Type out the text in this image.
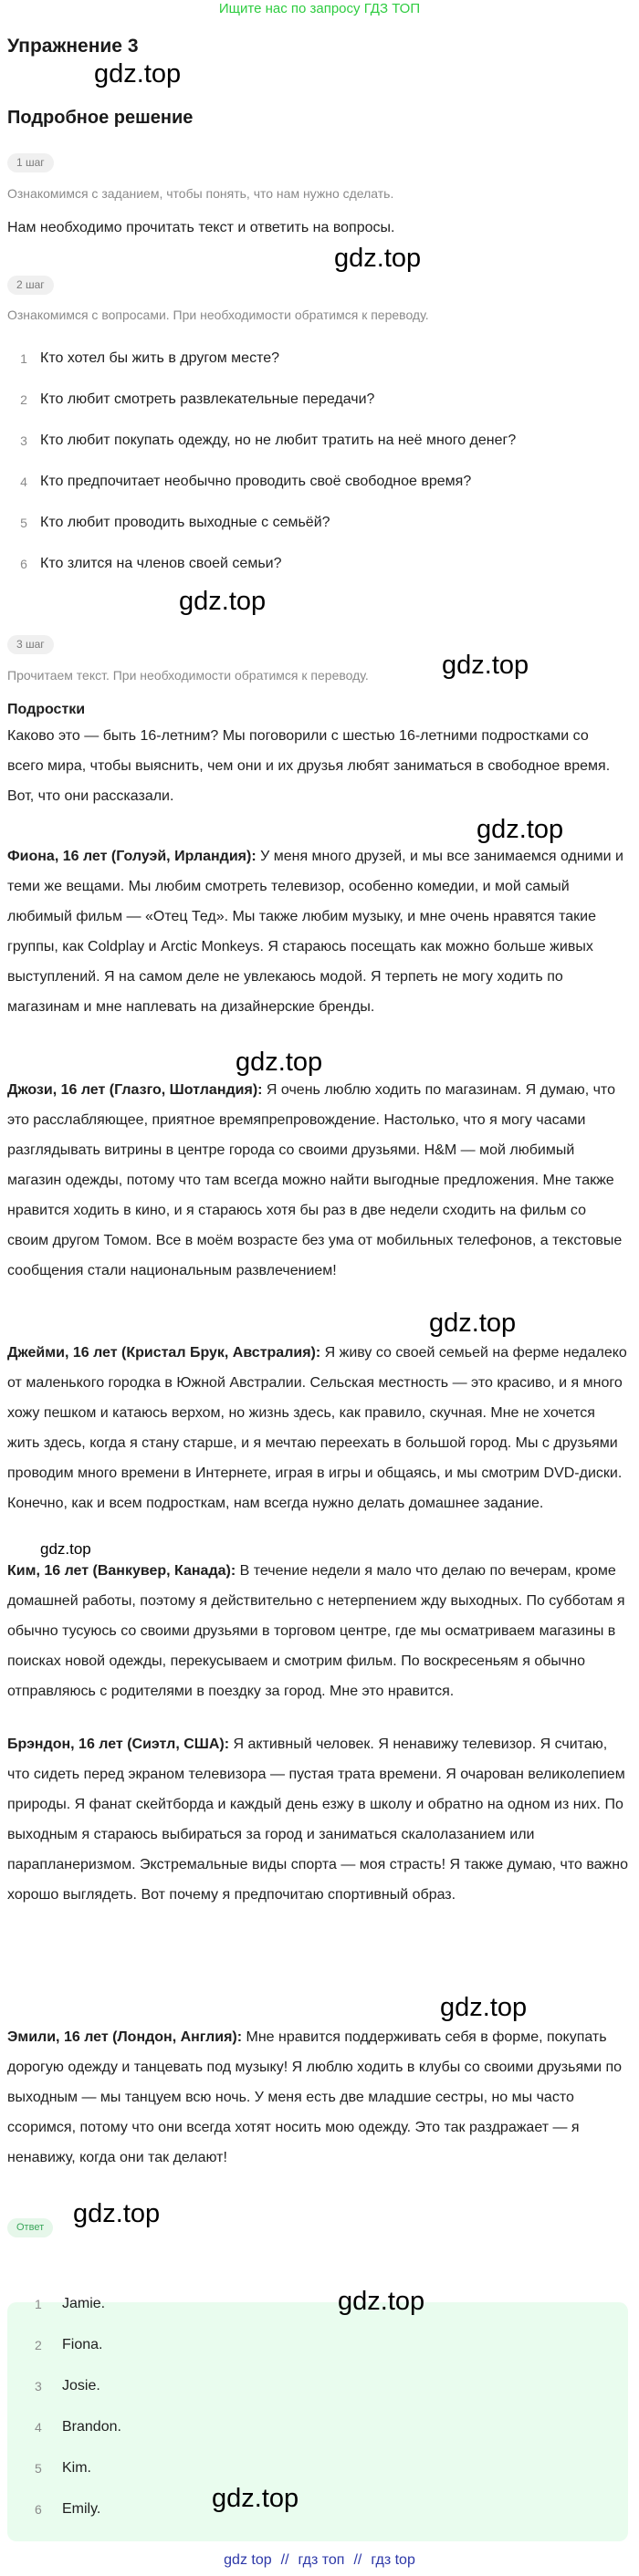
Ищите нас по запросу ГДЗ ТОП
Упражнение 3
gdz.top
Подробное решение
1 шаг
Ознакомимся с заданием, чтобы понять, что нам нужно сделать.
Нам необходимо прочитать текст и ответить на вопросы.
gdz.top
2 шаг
Ознакомимся с вопросами. При необходимости обратимся к переводу.
1 Кто хотел бы жить в другом месте?
2 Кто любит смотреть развлекательные передачи?
3 Кто любит покупать одежду, но не любит тратить на неё много денег?
4 Кто предпочитает необычно проводить своё свободное время?
5 Кто любит проводить выходные с семьёй?
6 Кто злится на членов своей семьи?
gdz.top
3 шаг
Прочитаем текст. При необходимости обратимся к переводу.	gdz.top
Подростки

Каково это — быть 16-летним? Мы поговорили с шестью 16-летними подростками со всего мира, чтобы выяснить, чем они и их друзья любят заниматься в свободное время. Вот, что они рассказали.

gdz.top

Фиона, 16 лет (Голуэй, Ирландия): У меня много друзей, и мы все занимаемся одними и теми же вещами. Мы любим смотреть телевизор, особенно комедии, и мой самый любимый фильм — «Отец Тед». Мы также любим музыку, и мне очень нравятся такие группы, как Coldplay и Arctic Monkeys. Я стараюсь посещать как можно больше живых выступлений. Я на самом деле не увлекаюсь модой. Я терпеть не могу ходить по магазинам и мне наплевать на дизайнерские бренды.

gdz.top

Джози, 16 лет (Глазго, Шотландия): Я очень люблю ходить по магазинам. Я думаю, что это расслабляющее, приятное времяпрепровождение. Настолько, что я могу часами разглядывать витрины в центре города со своими друзьями. H&M — мой любимый магазин одежды, потому что там всегда можно найти выгодные предложения. Мне также нравится ходить в кино, и я стараюсь хотя бы раз в две недели сходить на фильм со своим другом Томом. Все в моём возрасте без ума от мобильных телефонов, а текстовые сообщения стали национальным развлечением!

gdz.top

Джейми, 16 лет (Кристал Брук, Австралия): Я живу со своей семьей на ферме недалеко от маленького городка в Южной Австралии. Сельская местность — это красиво, и я много хожу пешком и катаюсь верхом, но жизнь здесь, как правило, скучная. Мне не хочется жить здесь, когда я стану старше, и я мечтаю переехать в большой город. Мы с друзьями проводим много времени в Интернете, играя в игры и общаясь, и мы смотрим DVD-диски. Конечно, как и всем подросткам, нам всегда нужно делать домашнее задание.

gdz.top

Ким, 16 лет (Ванкувер, Канада): В течение недели я мало что делаю по вечерам, кроме домашней работы, поэтому я действительно с нетерпением жду выходных. По субботам я обычно тусуюсь со своими друзьями в торговом центре, где мы осматриваем магазины в поисках новой одежды, перекусываем и смотрим фильм. По воскресеньям я обычно отправляюсь с родителями в поездку за город. Мне это нравится.

Брэндон, 16 лет (Сиэтл, США): Я активный человек. Я ненавижу телевизор. Я считаю, что сидеть перед экраном телевизора — пустая трата времени. Я очарован великолепием природы. Я фанат скейтборда и каждый день езжу в школу и обратно на одном из них. По выходным я стараюсь выбираться за город и заниматься скалолазанием или парапланеризмом. Экстремальные виды спорта — моя страсть! Я также думаю, что важно хорошо выглядеть. Вот почему я предпочитаю спортивный образ.

gdz.top

Эмили, 16 лет (Лондон, Англия): Мне нравится поддерживать себя в форме, покупать дорогую одежду и танцевать под музыку! Я люблю ходить в клубы со своими друзьями по выходным — мы танцуем всю ночь. У меня есть две младшие сестры, но мы часто ссоримся, потому что они всегда хотят носить мою одежду. Это так раздражает — я ненавижу, когда они так делают!

Ответ	gdz.top
1	Jamie.
2	Fiona.
3	Josie.
4	Brandon.
5	Kim.
6	Emily.
gdz.top
gdz.top
gdz top // гдз топ // гдз top
